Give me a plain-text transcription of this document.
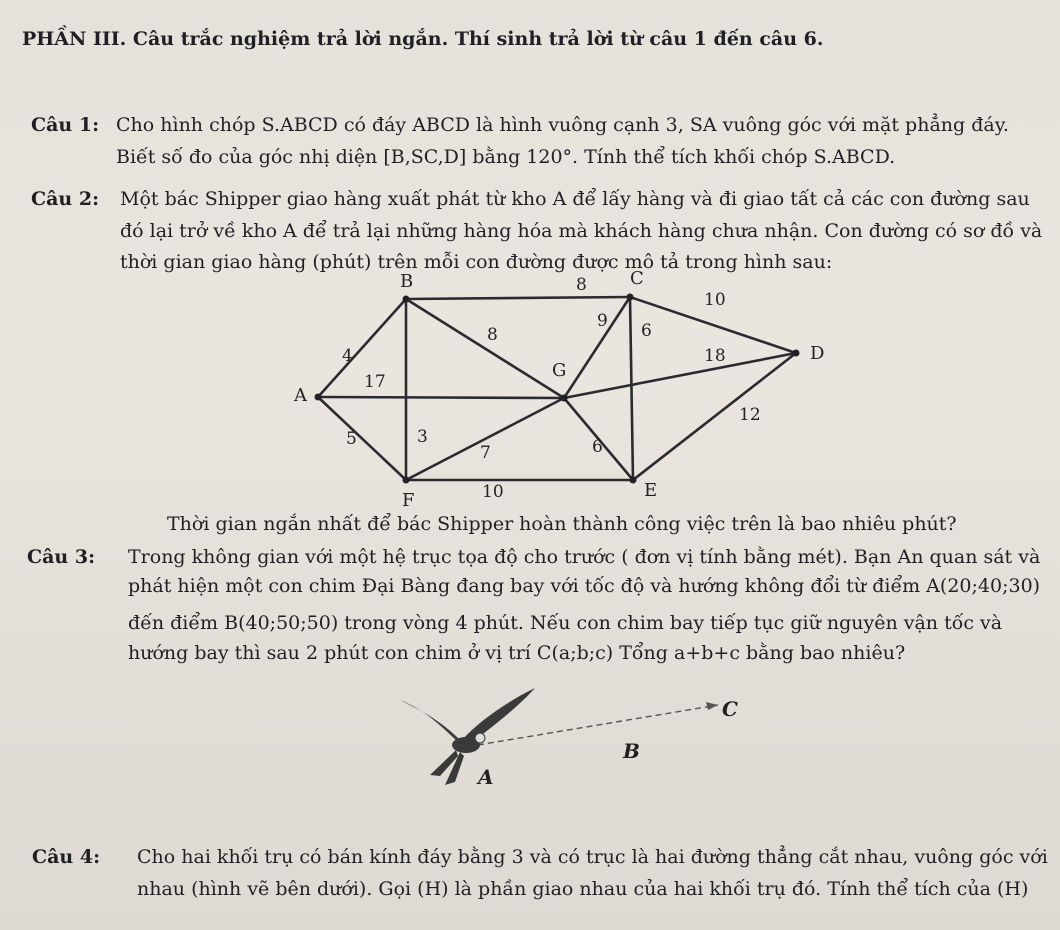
PHẦN III. Câu trắc nghiệm trả lời ngắn. Thí sinh trả lời từ câu 1 đến câu 6.
Câu 1: Cho hình chóp S.ABCD có đáy ABCD là hình vuông cạnh 3, SA vuông góc với mặt phẳng đáy.
Biết số đo của góc nhị diện [B,SC,D] bằng 120°. Tính thể tích khối chóp S.ABCD.
Câu 2: Một bác Shipper giao hàng xuất phát từ kho A để lấy hàng và đi giao tất cả các con đường sau
đó lại trở về kho A để trả lại những hàng hóa mà khách hàng chưa nhận. Con đường có sơ đồ và
thời gian giao hàng (phút) trên mỗi con đường được mô tả trong hình sau:
4
8
10
8
9 6
18
17
12
5	3
7	6
10
A
B	C
D
E
F
G
Thời gian ngắn nhất để bác Shipper hoàn thành công việc trên là bao nhiêu phút?
Câu 3: Trong không gian với một hệ trục tọa độ cho trước ( đơn vị tính bằng mét). Bạn An quan sát và
phát hiện một con chim Đại Bàng đang bay với tốc độ và hướng không đổi từ điểm A(20;40;30)
đến điểm B(40;50;50) trong vòng 4 phút. Nếu con chim bay tiếp tục giữ nguyên vận tốc và
hướng bay thì sau 2 phút con chim ở vị trí C(a;b;c) Tổng a+b+c bằng bao nhiêu?
C
B
A
Câu 4: Cho hai khối trụ có bán kính đáy bằng 3 và có trục là hai đường thẳng cắt nhau, vuông góc với
nhau (hình vẽ bên dưới). Gọi (H) là phần giao nhau của hai khối trụ đó. Tính thể tích của (H)
